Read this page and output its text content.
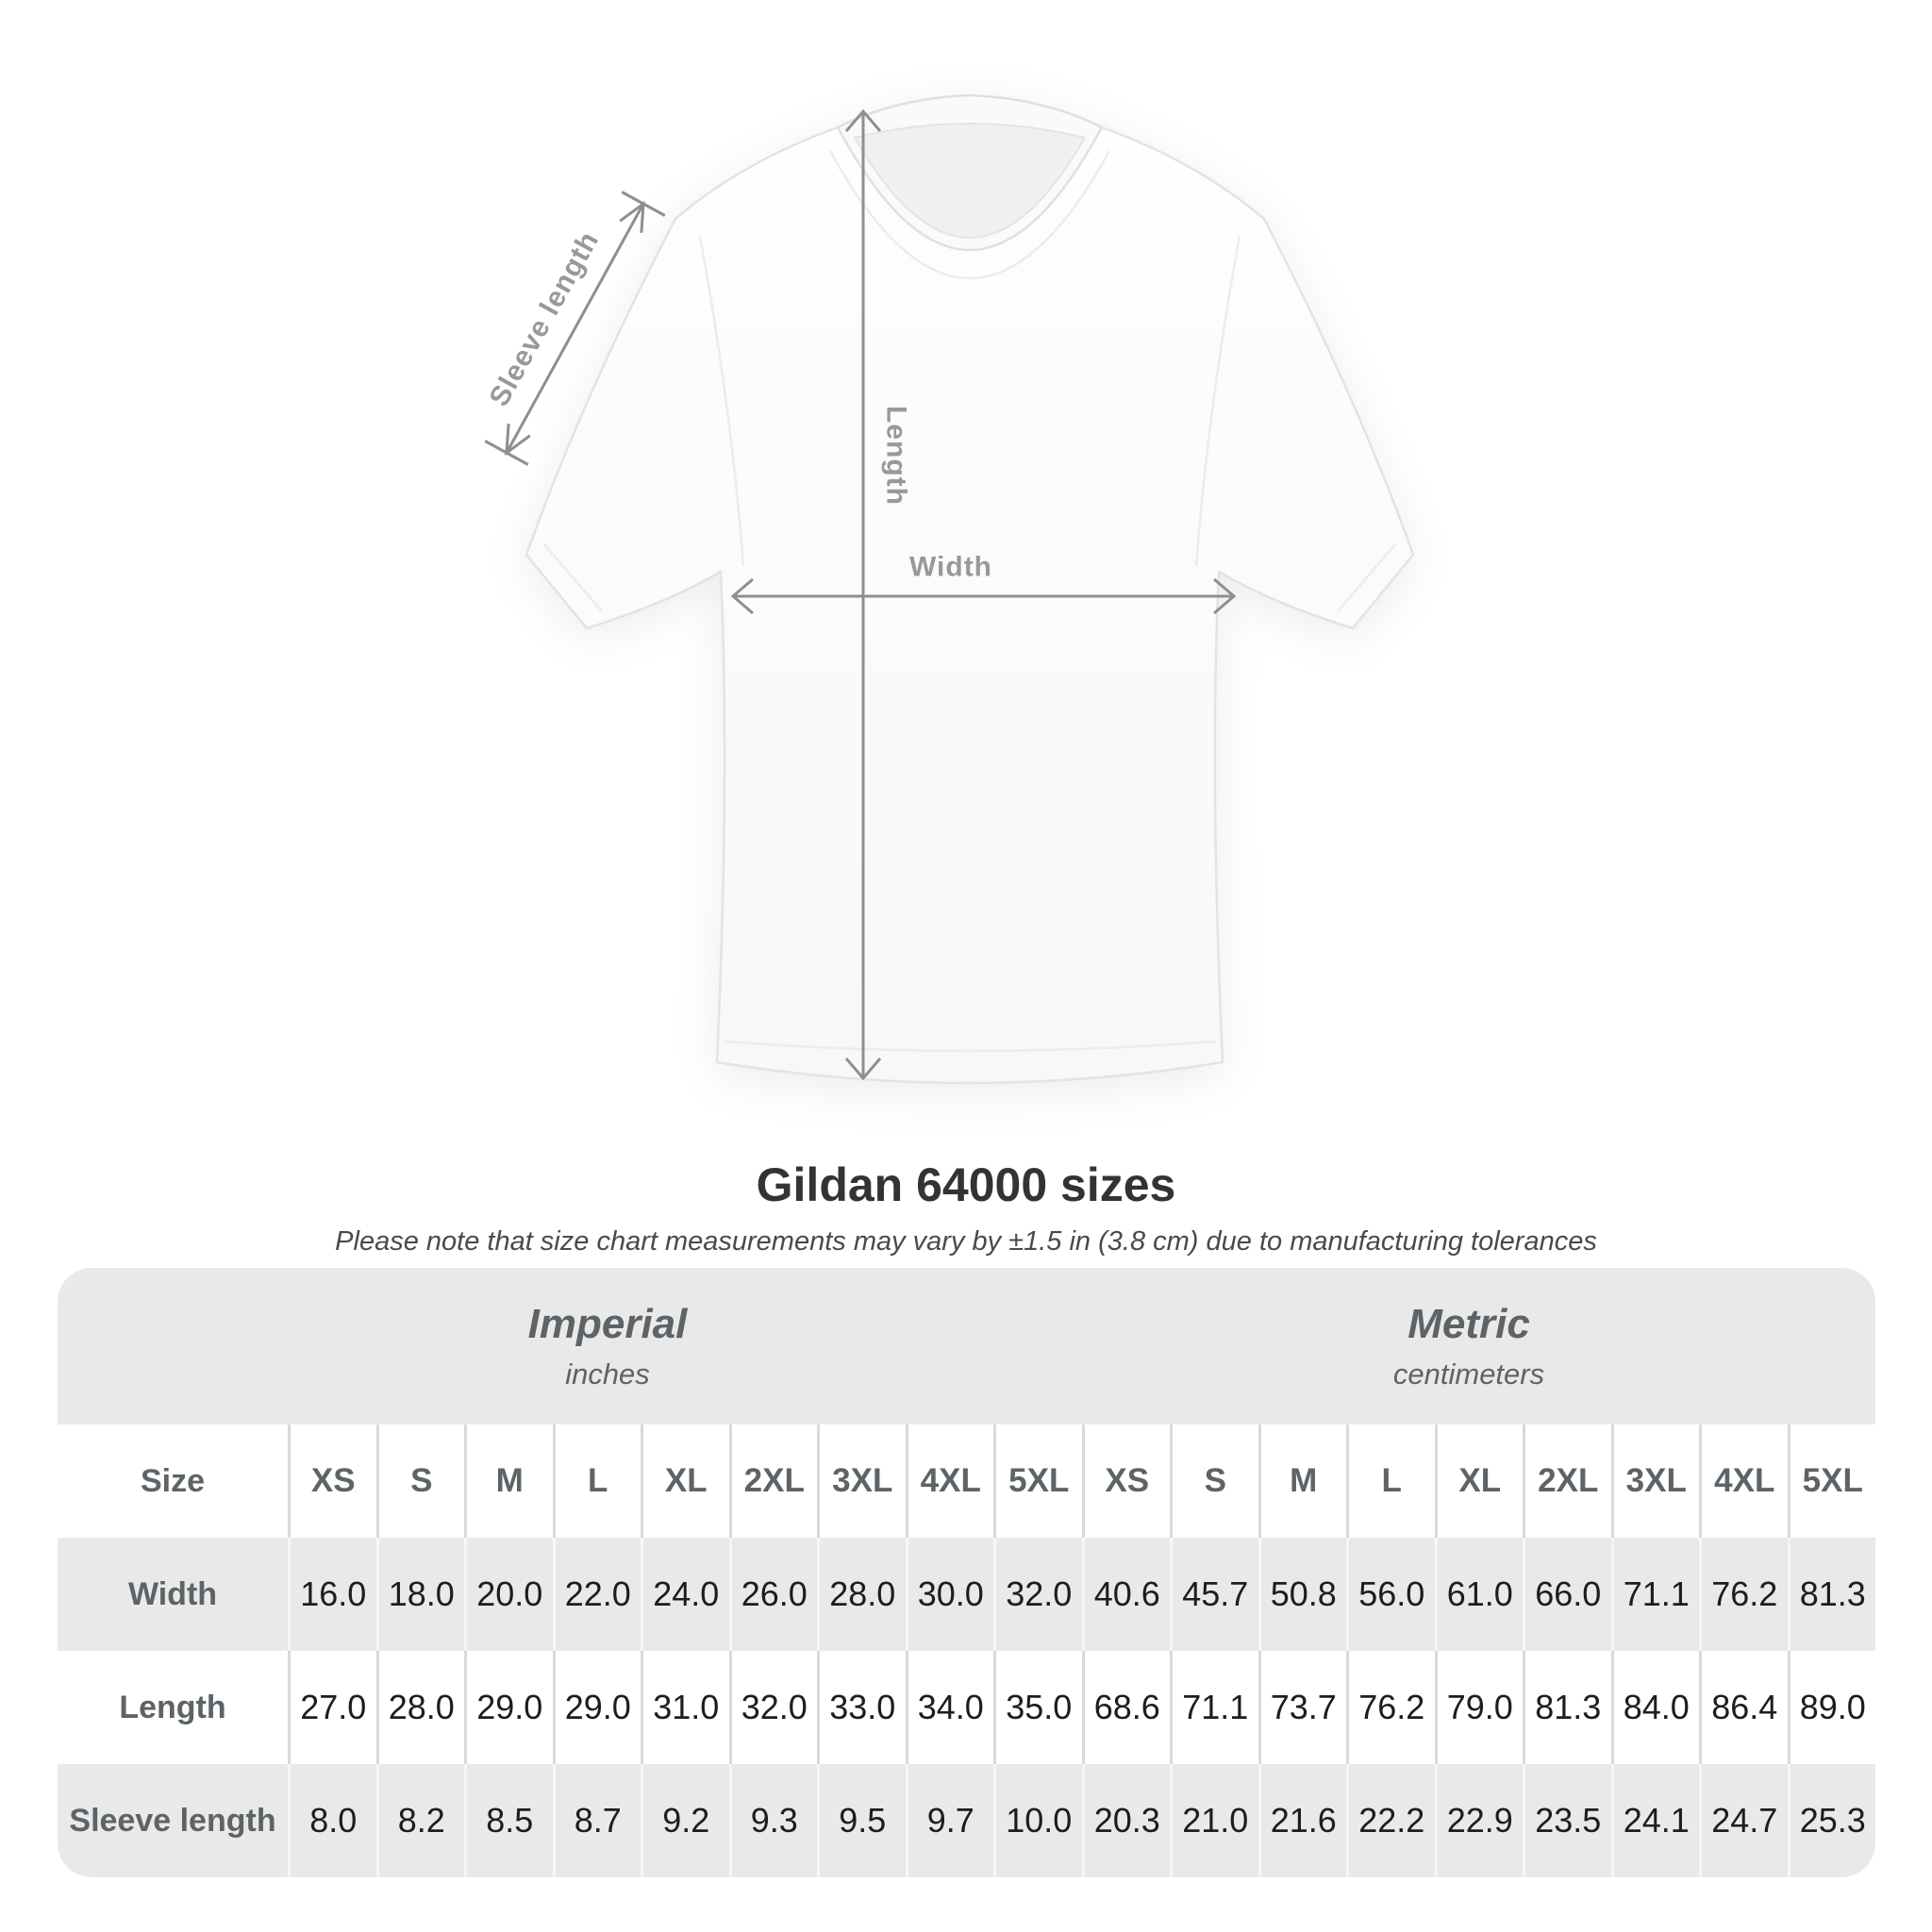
Sleeve length
Length
Width
Gildan 64000 sizes
Please note that size chart measurements may vary by ±1.5 in (3.8 cm) due to manufacturing tolerances
Imperial
inches
Metric
centimeters
Size	XS	S	M	L	XL	2XL 3XL 4XL 5XL	XS	S	M	L	XL	2XL 3XL 4XL 5XL
Width	16.0 18.0 20.0 22.0 24.0 26.0 28.0 30.0 32.0 40.6 45.7 50.8 56.0 61.0 66.0 71.1 76.2 81.3
Length	27.0 28.0 29.0 29.0 31.0 32.0 33.0 34.0 35.0 68.6 71.1 73.7 76.2 79.0 81.3 84.0 86.4 89.0
Sleeve length 8.0	8.2	8.5	8.7	9.2	9.3	9.5	9.7 10.0 20.3 21.0 21.6 22.2 22.9 23.5 24.1 24.7 25.3
